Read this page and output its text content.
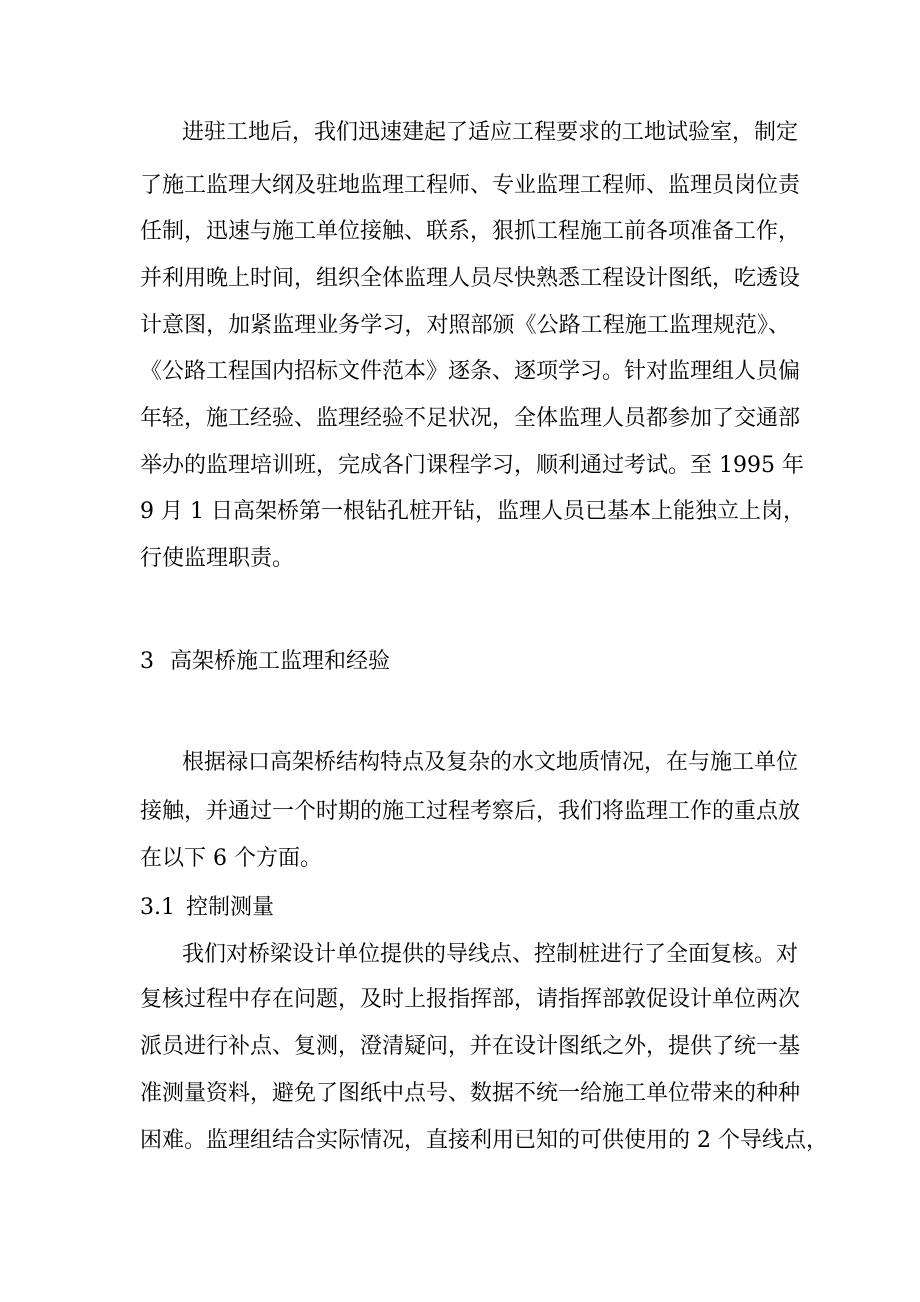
进驻工地后，我们迅速建起了适应工程要求的工地试验室，制定
了施工监理大纲及驻地监理工程师、专业监理工程师、监理员岗位责
任制，迅速与施工单位接触、联系，狠抓工程施工前各项准备工作，
并利用晚上时间，组织全体监理人员尽快熟悉工程设计图纸，吃透设
计意图，加紧监理业务学习，对照部颁《公路工程施工监理规范》、
《公路工程国内招标文件范本》逐条、逐项学习。针对监理组人员偏
年轻，施工经验、监理经验不足状况，全体监理人员都参加了交通部
举办的监理培训班，完成各门课程学习，顺利通过考试。至 1995 年
9 月 1 日高架桥第一根钻孔桩开钻，监理人员已基本上能独立上岗，
行使监理职责。
3 高架桥施工监理和经验
根据禄口高架桥结构特点及复杂的水文地质情况，在与施工单位
接触，并通过一个时期的施工过程考察后，我们将监理工作的重点放
在以下 6 个方面。
3.1 控制测量
我们对桥梁设计单位提供的导线点、控制桩进行了全面复核。对
复核过程中存在问题，及时上报指挥部，请指挥部敦促设计单位两次
派员进行补点、复测，澄清疑问，并在设计图纸之外，提供了统一基
准测量资料，避免了图纸中点号、数据不统一给施工单位带来的种种
困难。监理组结合实际情况，直接利用已知的可供使用的 2 个导线点，
